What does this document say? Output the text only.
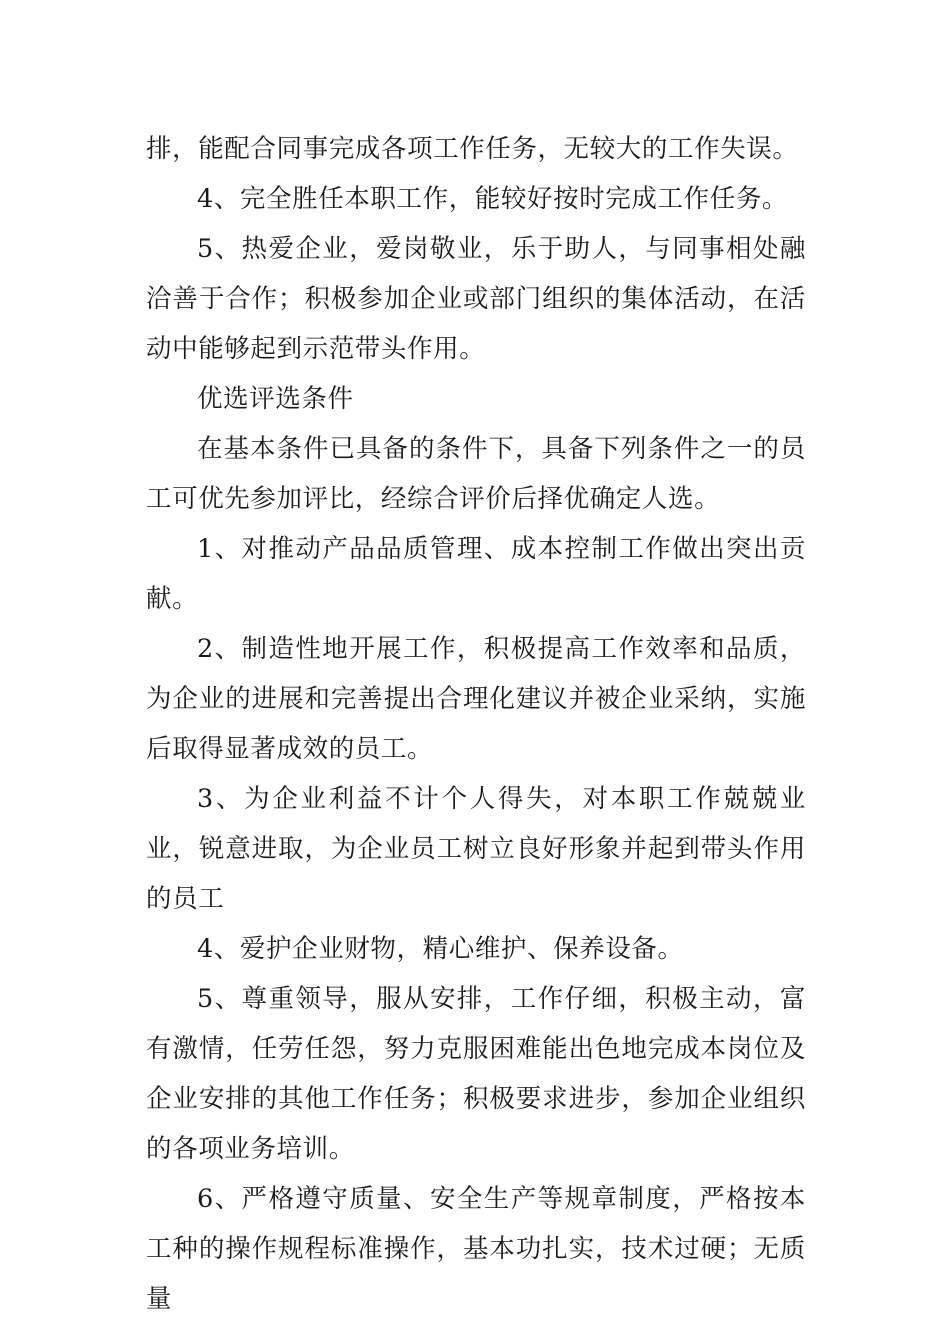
排，能配合同事完成各项工作任务，无较大的工作失误。

4、完全胜任本职工作，能较好按时完成工作任务。

5、热爱企业，爱岗敬业，乐于助人，与同事相处融洽善于合作；积极参加企业或部门组织的集体活动，在活动中能够起到示范带头作用。

优选评选条件

在基本条件已具备的条件下，具备下列条件之一的员工可优先参加评比，经综合评价后择优确定人选。

1、对推动产品品质管理、成本控制工作做出突出贡献。

2、制造性地开展工作，积极提高工作效率和品质，为企业的进展和完善提出合理化建议并被企业采纳，实施后取得显著成效的员工。

3、为企业利益不计个人得失，对本职工作兢兢业业，锐意进取，为企业员工树立良好形象并起到带头作用的员工

4、爱护企业财物，精心维护、保养设备。

5、尊重领导，服从安排，工作仔细，积极主动，富有激情，任劳任怨，努力克服困难能出色地完成本岗位及企业安排的其他工作任务；积极要求进步，参加企业组织的各项业务培训。

6、严格遵守质量、安全生产等规章制度，严格按本工种的操作规程标准操作，基本功扎实，技术过硬；无质量
